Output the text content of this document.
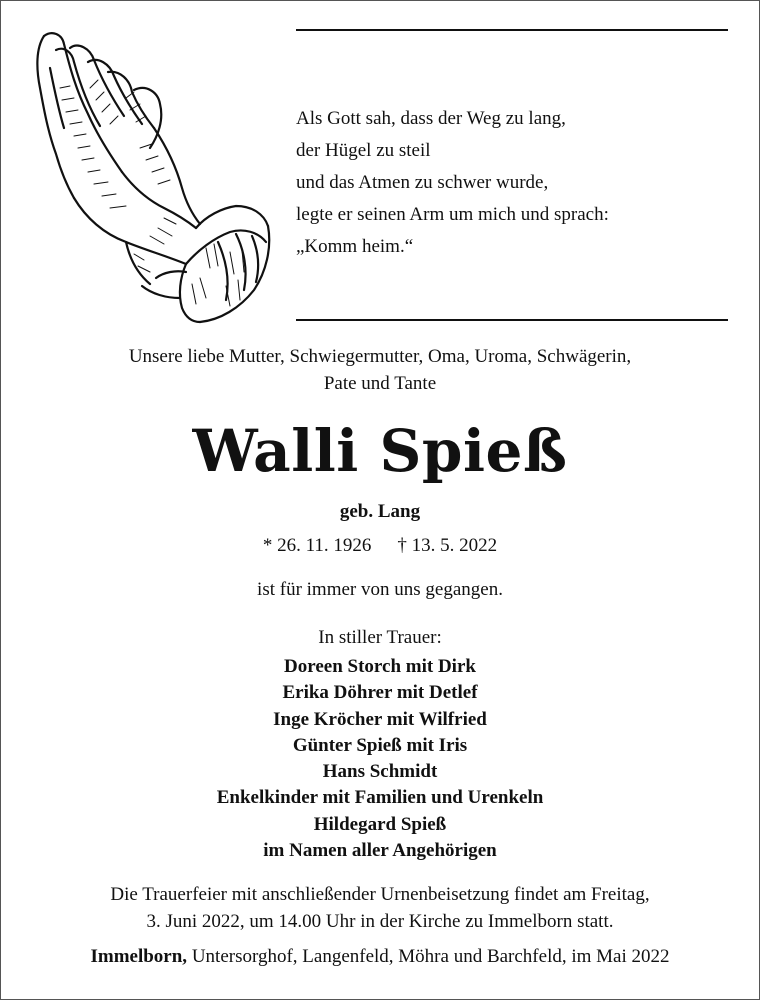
Als Gott sah, dass der Weg zu lang,
der Hügel zu steil
und das Atmen zu schwer wurde,
legte er seinen Arm um mich und sprach:
„Komm heim.“
Unsere liebe Mutter, Schwiegermutter, Oma, Uroma, Schwägerin,
Pate und Tante
Walli Spieß
geb. Lang
* 26. 11. 1926 † 13. 5. 2022
ist für immer von uns gegangen.
In stiller Trauer:
Doreen Storch mit Dirk
Erika Döhrer mit Detlef
Inge Kröcher mit Wilfried
Günter Spieß mit Iris
Hans Schmidt
Enkelkinder mit Familien und Urenkeln
Hildegard Spieß
im Namen aller Angehörigen
Die Trauerfeier mit anschließender Urnenbeisetzung findet am Freitag,
3. Juni 2022, um 14.00 Uhr in der Kirche zu Immelborn statt.
Immelborn, Untersorghof, Langenfeld, Möhra und Barchfeld, im Mai 2022
